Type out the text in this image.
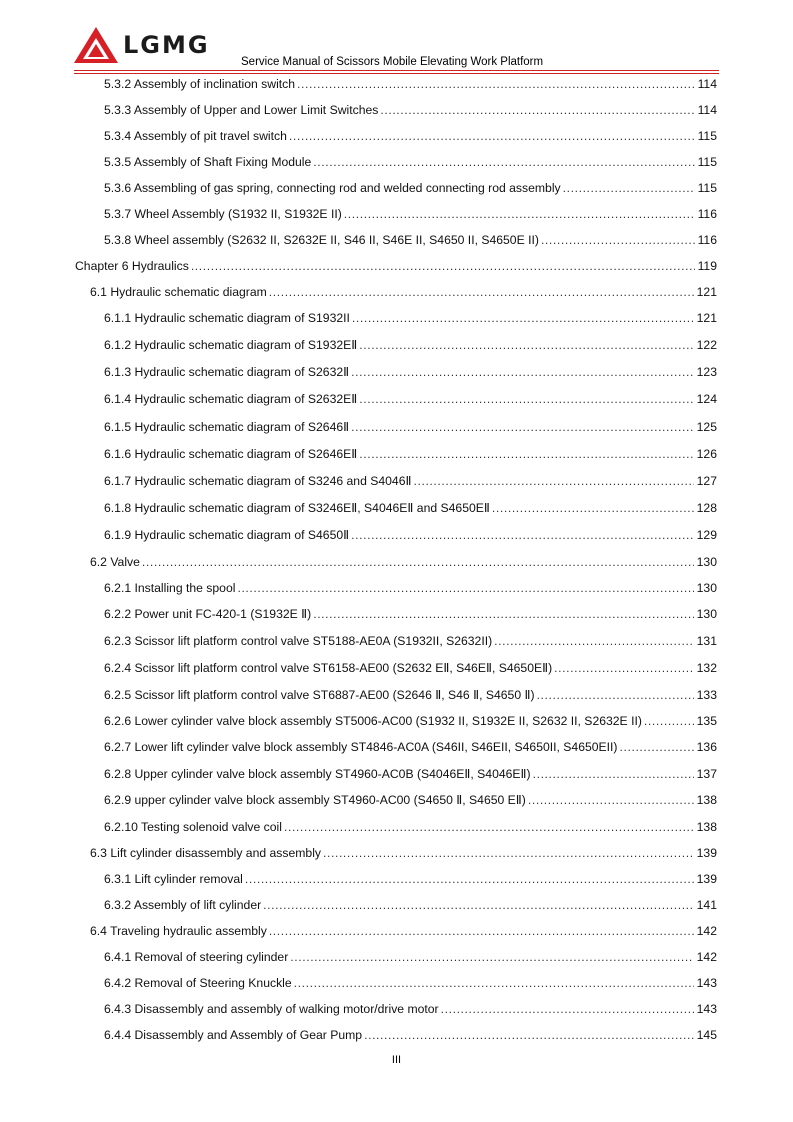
LGMG
Service Manual of Scissors Mobile Elevating Work Platform
5.3.2 Assembly of inclination switch .....	114
5.3.3 Assembly of Upper and Lower Limit Switches .....	114
5.3.4 Assembly of pit travel switch .....	115
5.3.5 Assembly of Shaft Fixing Module .....	115
5.3.6 Assembling of gas spring, connecting rod and welded connecting rod assembly .....	115
5.3.7 Wheel Assembly (S1932 II, S1932E II) .....	116
5.3.8 Wheel assembly (S2632 II, S2632E II, S46 II, S46E II, S4650 II, S4650E II) .....	116
Chapter 6 Hydraulics .....	119
6.1 Hydraulic schematic diagram .....	121
6.1.1 Hydraulic schematic diagram of S1932II .....	121
6.1.2 Hydraulic schematic diagram of S1932EⅡ .....	122
6.1.3 Hydraulic schematic diagram of S2632Ⅱ .....	123
6.1.4 Hydraulic schematic diagram of S2632EⅡ .....	124
6.1.5 Hydraulic schematic diagram of S2646Ⅱ .....	125
6.1.6 Hydraulic schematic diagram of S2646EⅡ .....	126
6.1.7 Hydraulic schematic diagram of S3246 and S4046Ⅱ .....	127
6.1.8 Hydraulic schematic diagram of S3246EⅡ, S4046EⅡ and S4650EⅡ .....	128
6.1.9 Hydraulic schematic diagram of S4650Ⅱ .....	129
6.2 Valve .....	130
6.2.1 Installing the spool .....	130
6.2.2 Power unit FC-420-1 (S1932E Ⅱ) .....	130
6.2.3 Scissor lift platform control valve ST5188-AE0A (S1932II, S2632II) .....	131
6.2.4 Scissor lift platform control valve ST6158-AE00 (S2632 EⅡ, S46EⅡ, S4650EⅡ) .....	132
6.2.5 Scissor lift platform control valve ST6887-AE00 (S2646 Ⅱ, S46 Ⅱ, S4650 Ⅱ) .....	133
6.2.6 Lower cylinder valve block assembly ST5006-AC00 (S1932 II, S1932E II, S2632 II, S2632E II) .....	135
6.2.7 Lower lift cylinder valve block assembly ST4846-AC0A (S46II, S46EII, S4650II, S4650EII) .....	136
6.2.8 Upper cylinder valve block assembly ST4960-AC0B (S4046EⅡ, S4046EⅡ) .....	137
6.2.9 upper cylinder valve block assembly ST4960-AC00 (S4650 Ⅱ, S4650 EⅡ) .....	138
6.2.10 Testing solenoid valve coil .....	138
6.3 Lift cylinder disassembly and assembly .....	139
6.3.1 Lift cylinder removal .....	139
6.3.2 Assembly of lift cylinder .....	141
6.4 Traveling hydraulic assembly .....	142
6.4.1 Removal of steering cylinder .....	142
6.4.2 Removal of Steering Knuckle .....	143
6.4.3 Disassembly and assembly of walking motor/drive motor .....	143
6.4.4 Disassembly and Assembly of Gear Pump .....	145
III
